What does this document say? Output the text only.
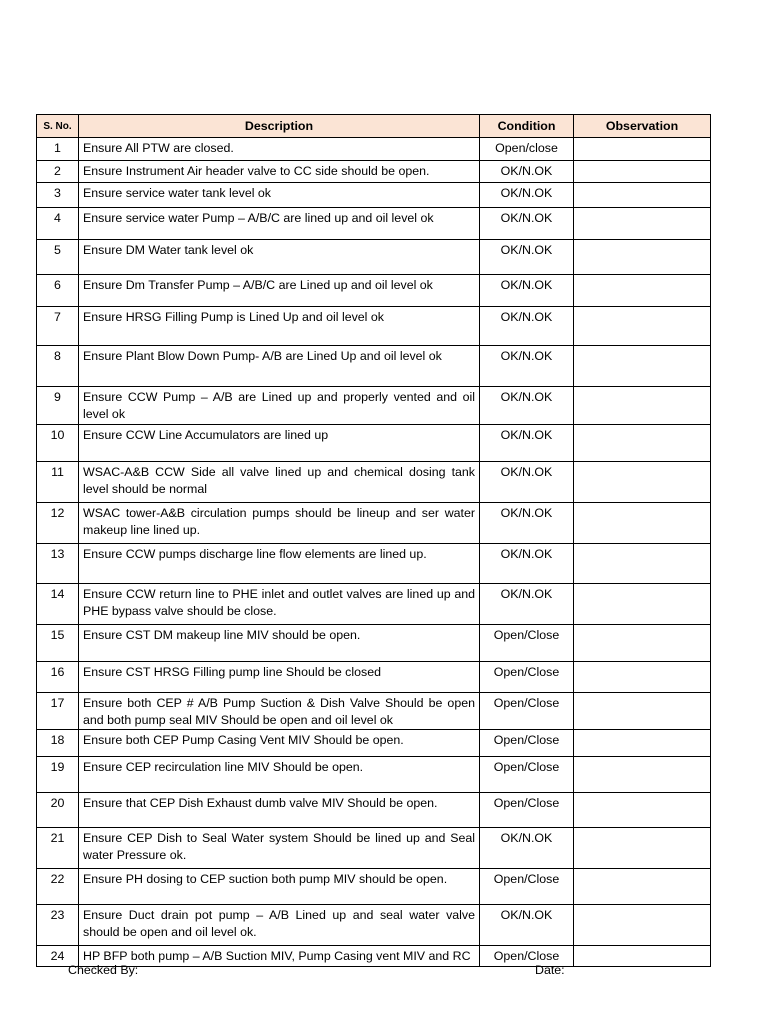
S. No.	Description	Condition	Observation
1	Ensure All PTW are closed.	Open/close	
2	Ensure Instrument Air header valve to CC side should be open.	OK/N.OK	
3	Ensure service water tank level ok	OK/N.OK	
4	Ensure service water Pump – A/B/C are lined up and oil level ok	OK/N.OK	
5	Ensure DM Water tank level ok	OK/N.OK	
6	Ensure Dm Transfer Pump – A/B/C are Lined up and oil level ok	OK/N.OK	
7	Ensure HRSG Filling Pump is Lined Up and oil level ok	OK/N.OK	
8	Ensure Plant Blow Down Pump- A/B are Lined Up and oil level ok	OK/N.OK	
9	Ensure CCW Pump – A/B are Lined up and properly vented and oil level ok	OK/N.OK	
10	Ensure CCW Line Accumulators are lined up	OK/N.OK	
11	WSAC-A&B CCW Side all valve lined up and chemical dosing tank level should be normal	OK/N.OK	
12	WSAC tower-A&B circulation pumps should be lineup and ser water makeup line lined up.	OK/N.OK	
13	Ensure CCW pumps discharge line flow elements are lined up.	OK/N.OK	
14	Ensure CCW return line to PHE inlet and outlet valves are lined up and PHE bypass valve should be close.	OK/N.OK	
15	Ensure CST DM makeup line MIV should be open.	Open/Close	
16	Ensure CST HRSG Filling pump line Should be closed	Open/Close	
17	Ensure both CEP # A/B Pump Suction & Dish Valve Should be open and both pump seal MIV Should be open and oil level ok	Open/Close	
18	Ensure both CEP Pump Casing Vent MIV Should be open.	Open/Close	
19	Ensure CEP recirculation line MIV Should be open.	Open/Close	
20	Ensure that CEP Dish Exhaust dumb valve MIV Should be open.	Open/Close	
21	Ensure CEP Dish to Seal Water system Should be lined up and Seal water Pressure ok.	OK/N.OK	
22	Ensure PH dosing to CEP suction both pump MIV should be open.	Open/Close	
23	Ensure Duct drain pot pump – A/B Lined up and seal water valve should be open and oil level ok.	OK/N.OK	
24	HP BFP both pump – A/B Suction MIV, Pump Casing vent MIV and RC	Open/Close	
Checked By:	Date:
